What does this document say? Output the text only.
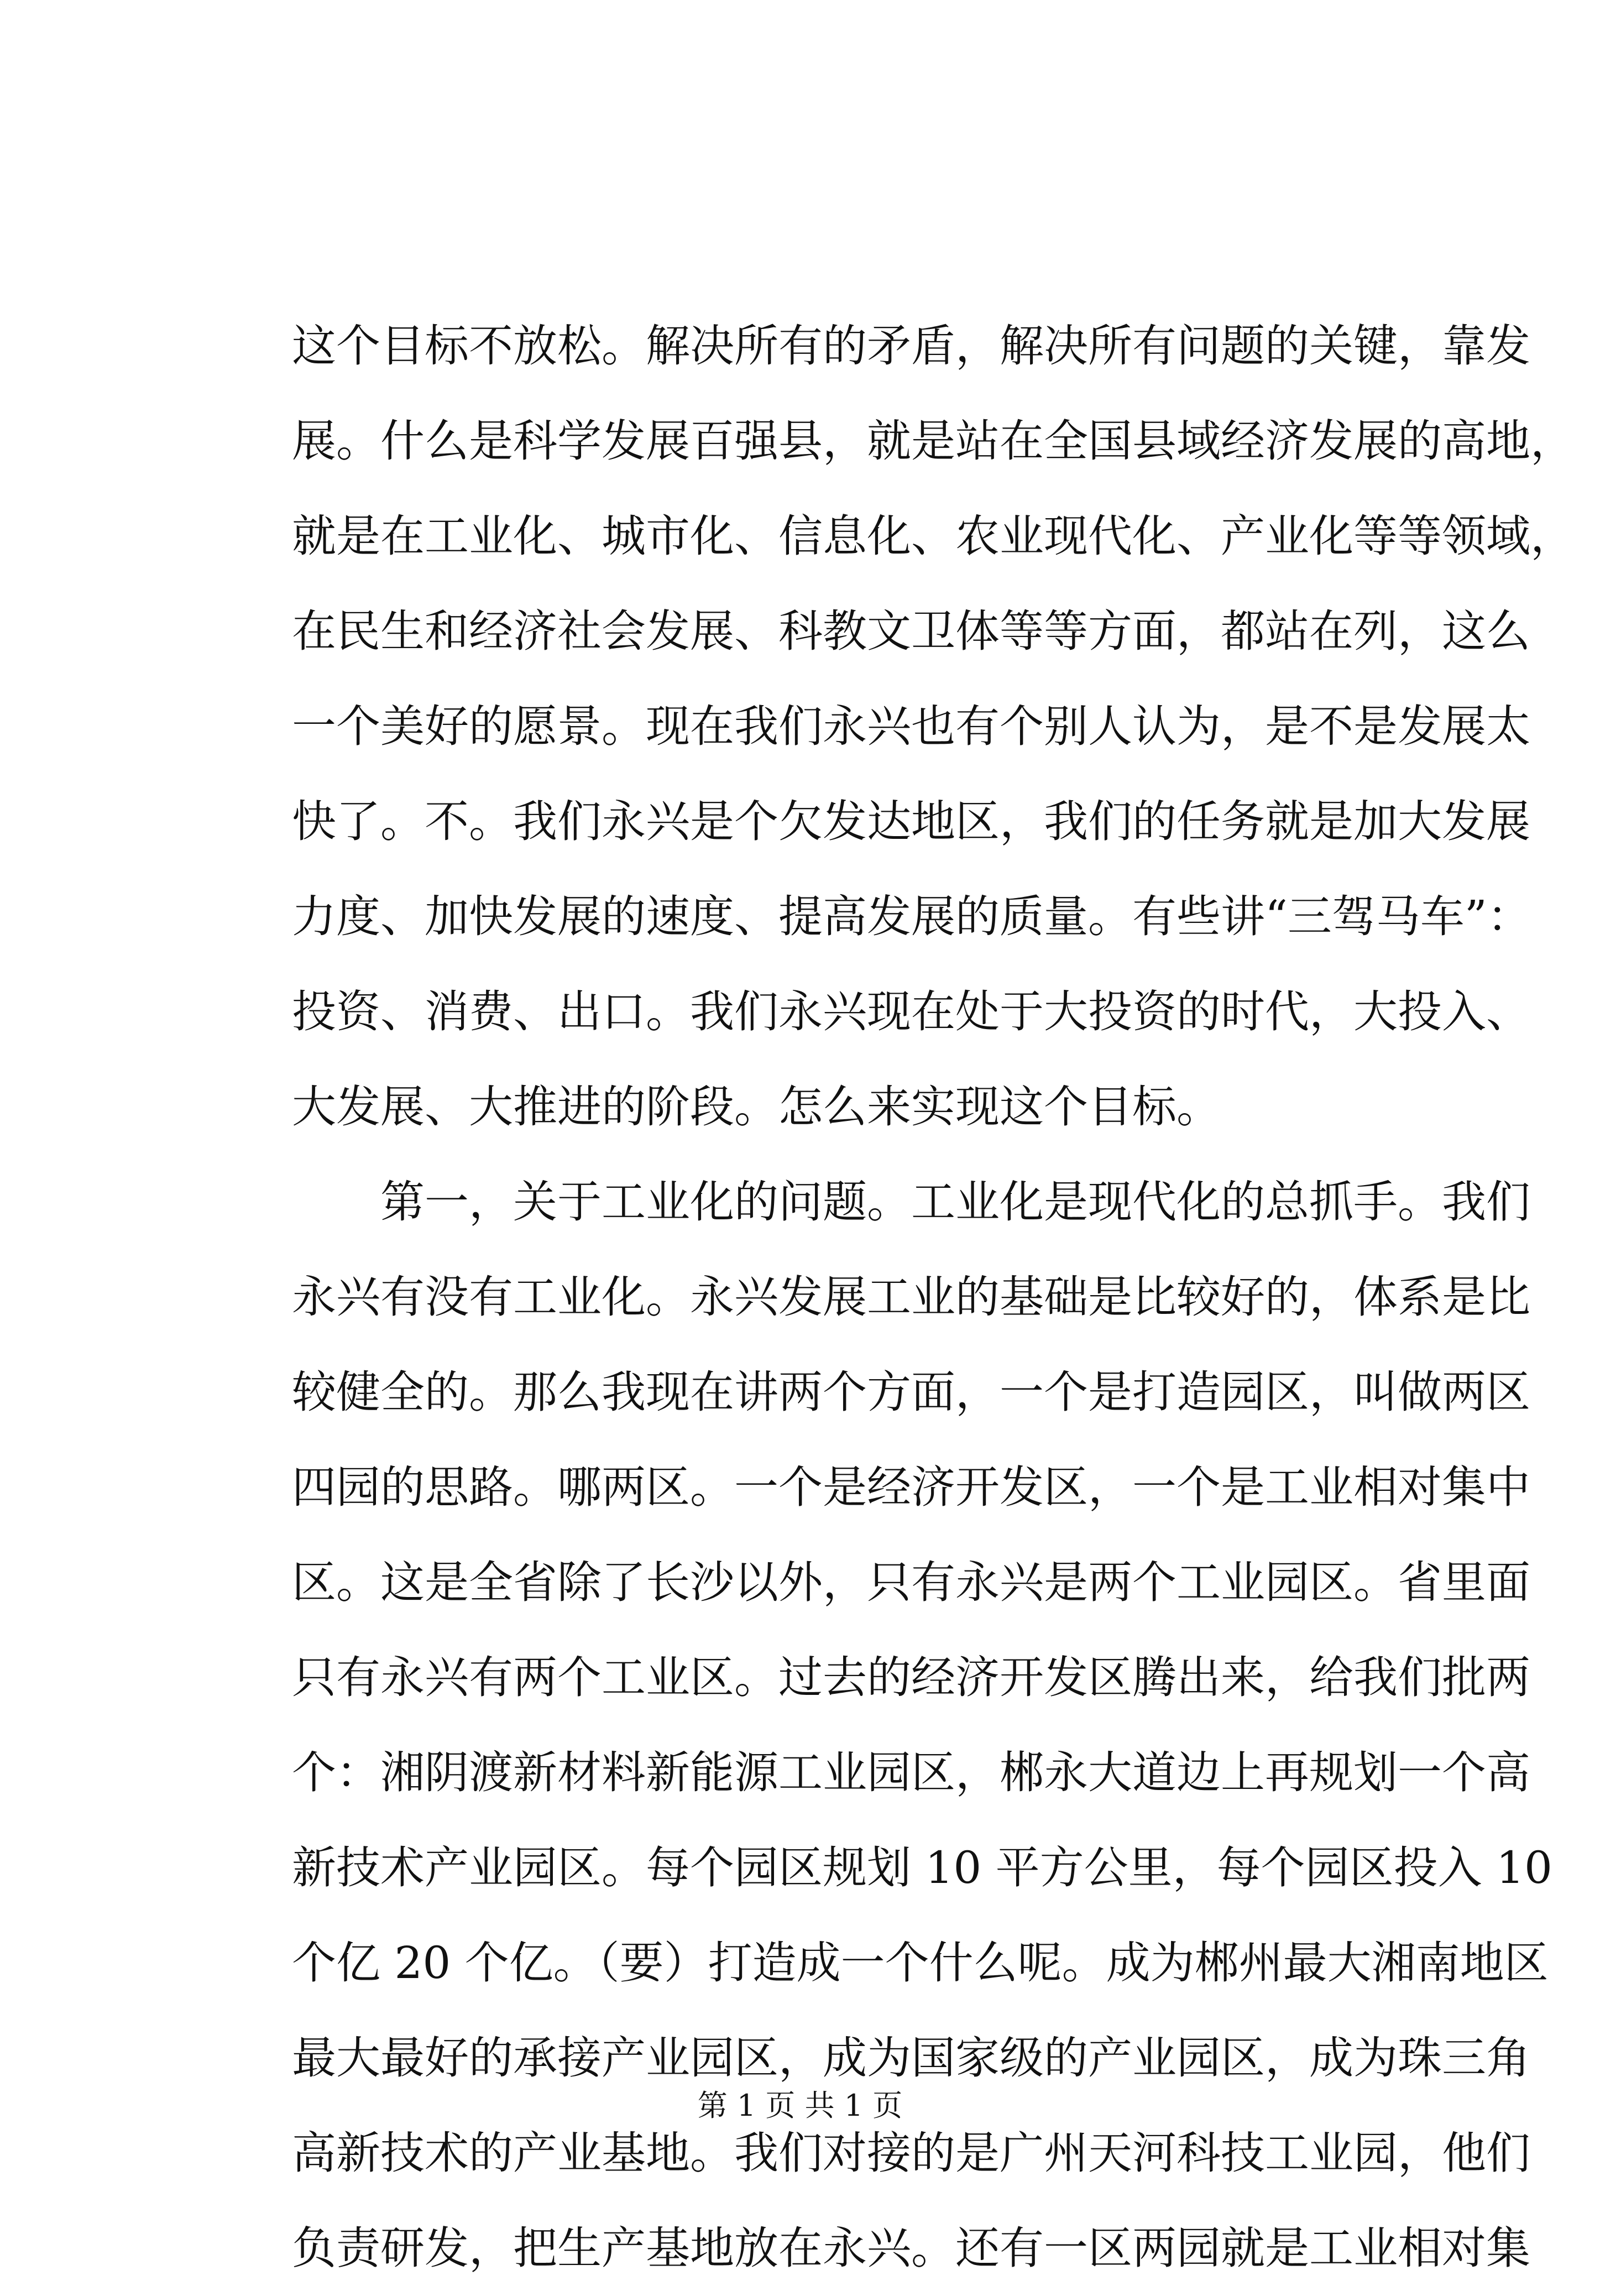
这个目标不放松。解决所有的矛盾，解决所有问题的关键，靠发
展。什么是科学发展百强县，就是站在全国县域经济发展的高地，
就是在工业化、城市化、信息化、农业现代化、产业化等等领域，
在民生和经济社会发展、科教文卫体等等方面，都站在列，这么
一个美好的愿景。现在我们永兴也有个别人认为，是不是发展太
快了。不。我们永兴是个欠发达地区，我们的任务就是加大发展
力度、加快发展的速度、提高发展的质量。有些讲“三驾马车”：
投资、消费、出口。我们永兴现在处于大投资的时代，大投入、
大发展、大推进的阶段。怎么来实现这个目标。
　　第一，关于工业化的问题。工业化是现代化的总抓手。我们
永兴有没有工业化。永兴发展工业的基础是比较好的，体系是比
较健全的。那么我现在讲两个方面，一个是打造园区，叫做两区
四园的思路。哪两区。一个是经济开发区，一个是工业相对集中
区。这是全省除了长沙以外，只有永兴是两个工业园区。省里面
只有永兴有两个工业区。过去的经济开发区腾出来，给我们批两
个：湘阴渡新材料新能源工业园区，郴永大道边上再规划一个高
新技术产业园区。每个园区规划 10 平方公里，每个园区投入 10
个亿 20 个亿。（要）打造成一个什么呢。成为郴州最大湘南地区
最大最好的承接产业园区，成为国家级的产业园区，成为珠三角
高新技术的产业基地。我们对接的是广州天河科技工业园，他们
负责研发，把生产基地放在永兴。还有一区两园就是工业相对集
第 1 页 共 1 页
